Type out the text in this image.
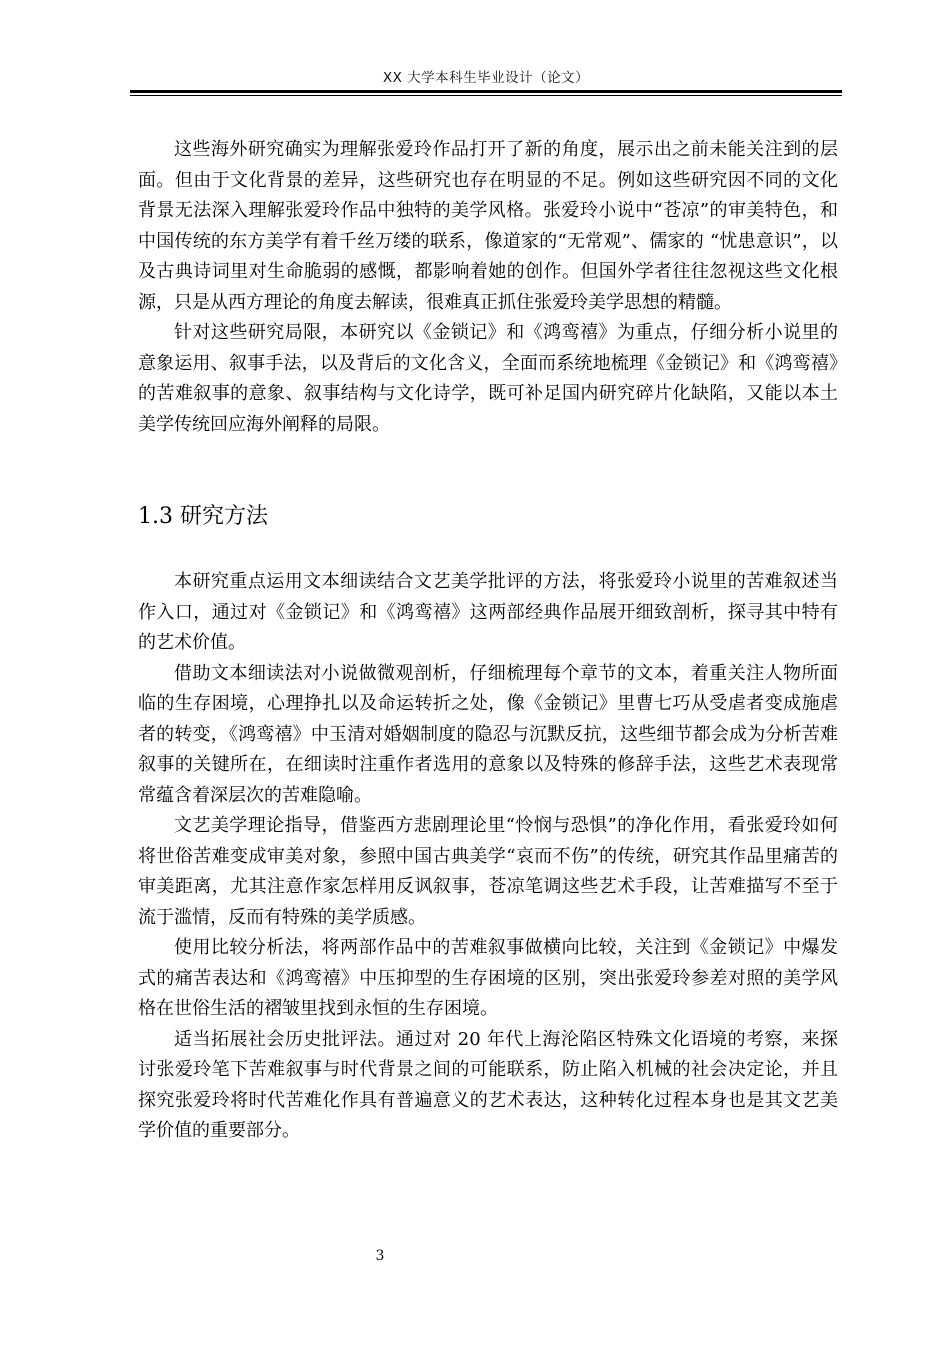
XX 大学本科生毕业设计（论文）

这些海外研究确实为理解张爱玲作品打开了新的角度，展示出之前未能关注到的层面。但由于文化背景的差异，这些研究也存在明显的不足。例如这些研究因不同的文化背景无法深入理解张爱玲作品中独特的美学风格。张爱玲小说中“苍凉”的审美特色，和中国传统的东方美学有着千丝万缕的联系，像道家的“无常观”、儒家的 “忧患意识”，以及古典诗词里对生命脆弱的感慨，都影响着她的创作。但国外学者往往忽视这些文化根源，只是从西方理论的角度去解读，很难真正抓住张爱玲美学思想的精髓。

针对这些研究局限，本研究以《金锁记》和《鸿鸾禧》为重点，仔细分析小说里的意象运用、叙事手法，以及背后的文化含义，全面而系统地梳理《金锁记》和《鸿鸾禧》的苦难叙事的意象、叙事结构与文化诗学，既可补足国内研究碎片化缺陷，又能以本土美学传统回应海外阐释的局限。

1.3 研究方法

本研究重点运用文本细读结合文艺美学批评的方法，将张爱玲小说里的苦难叙述当作入口，通过对《金锁记》和《鸿鸾禧》这两部经典作品展开细致剖析，探寻其中特有的艺术价值。

借助文本细读法对小说做微观剖析，仔细梳理每个章节的文本，着重关注人物所面临的生存困境，心理挣扎以及命运转折之处，像《金锁记》里曹七巧从受虐者变成施虐者的转变，《鸿鸾禧》中玉清对婚姻制度的隐忍与沉默反抗，这些细节都会成为分析苦难叙事的关键所在，在细读时注重作者选用的意象以及特殊的修辞手法，这些艺术表现常常蕴含着深层次的苦难隐喻。

文艺美学理论指导，借鉴西方悲剧理论里“怜悯与恐惧”的净化作用，看张爱玲如何将世俗苦难变成审美对象，参照中国古典美学“哀而不伤”的传统，研究其作品里痛苦的审美距离，尤其注意作家怎样用反讽叙事，苍凉笔调这些艺术手段，让苦难描写不至于流于滥情，反而有特殊的美学质感。

使用比较分析法，将两部作品中的苦难叙事做横向比较，关注到《金锁记》中爆发式的痛苦表达和《鸿鸾禧》中压抑型的生存困境的区别，突出张爱玲参差对照的美学风格在世俗生活的褶皱里找到永恒的生存困境。

适当拓展社会历史批评法。通过对 20 年代上海沦陷区特殊文化语境的考察，来探讨张爱玲笔下苦难叙事与时代背景之间的可能联系，防止陷入机械的社会决定论，并且探究张爱玲将时代苦难化作具有普遍意义的艺术表达，这种转化过程本身也是其文艺美学价值的重要部分。

3
